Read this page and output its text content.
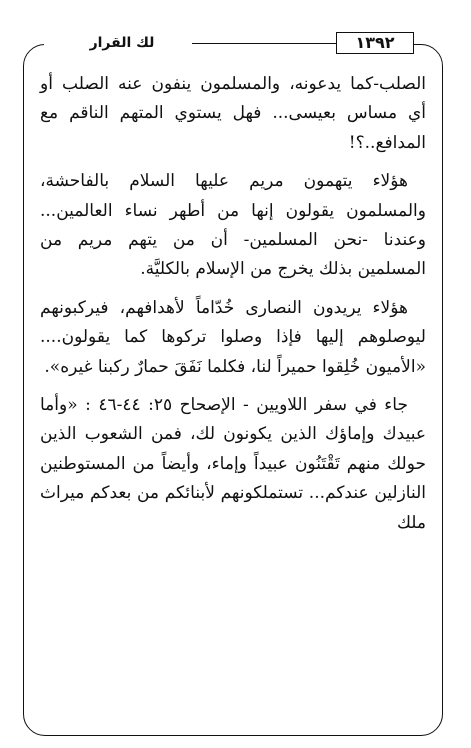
١٣٩٢
لك القرار

الصلب-كما يدعونه، والمسلمون ينفون عنه الصلب أو أي مساس بعيسى... فهل يستوي المتهم الناقم مع المدافع..؟!

هؤلاء يتهمون مريم عليها السلام بالفاحشة، والمسلمون يقولون إنها من أطهر نساء العالمين... وعندنا -نحن المسلمين- أن من يتهم مريم من المسلمين بذلك يخرج من الإسلام بالكليَّة.

هؤلاء يريدون النصارى خُدّاماً لأهدافهم، فيركبونهم ليوصلوهم إليها فإذا وصلوا تركوها كما يقولون.... «الأميون خُلِقوا حميراً لنا، فكلما نَفَقَ حمارٌ ركبنا غيره».

جاء في سفر اللاويين - الإصحاح ٢٥: ٤٤-٤٦ : «وأما عبيدك وإماؤك الذين يكونون لك، فمن الشعوب الذين حولك منهم تَقْتَنُون عبيداً وإماء، وأيضاً من المستوطنين النازلين عندكم... تستملكونهم لأبنائكم من بعدكم ميراث ملك
